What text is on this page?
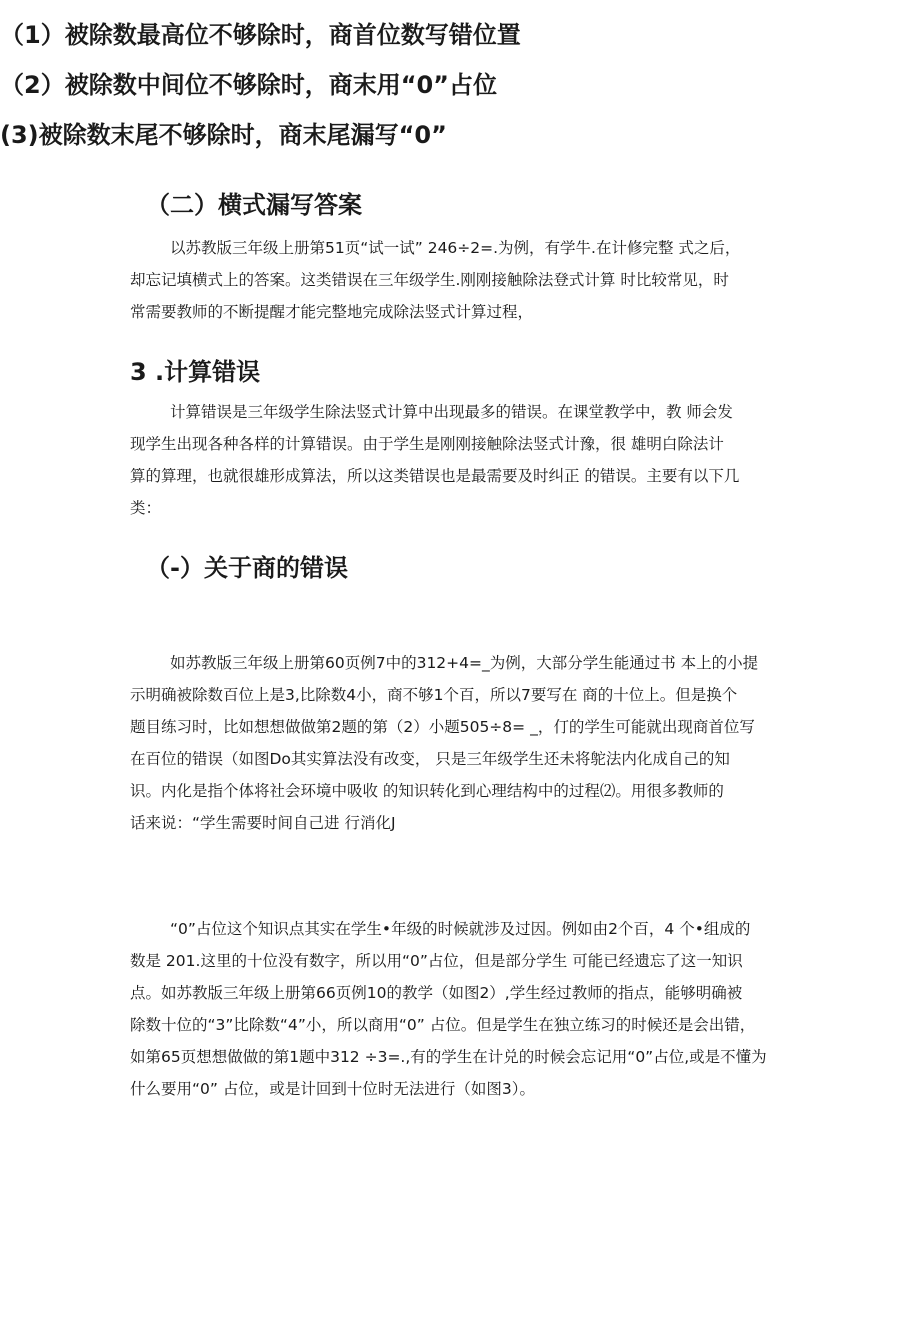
（二）横式漏写答案
以苏教版三年级上册第51页“试一试” 246÷2=.为例，有学牛.在计修完整 式之后，
却忘记填横式上的答案。这类错误在三年级学生.刚刚接触除法登式计算 时比较常见，时
常需要教师的不断提醒才能完整地完成除法竖式计算过程，
3 .计算错误
计算错误是三年级学生除法竖式计算中出现最多的错误。在课堂教学中，教 师会发
现学生出现各种各样的计算错误。由于学生是刚刚接触除法竖式计豫，很 雄明白除法计
算的算理，也就很雄形成算法，所以这类错误也是最需要及时纠正 的错误。主要有以下几
类：
（-）关于商的错误
（1）被除数最高位不够除时，商首位数写错位置
如苏教版三年级上册第60页例7中的312+4=_为例，大部分学生能通过书 本上的小提
示明确被除数百位上是3,比除数4小，商不够1个百，所以7要写在 商的十位上。但是换个
题目练习时，比如想想做做第2题的第（2）小题505÷8= _，仃的学生可能就出现商首位写
在百位的错误（如图Do其实算法没有改变， 只是三年级学生还未将鸵法内化成自己的知
识。内化是指个体将社会环境中吸收 的知识转化到心理结构中的过程⑵。用很多教师的
话来说：“学生需要时间自己进 行消化J
（2）被除数中间位不够除时，商末用“0”占位
“0”占位这个知识点其实在学生•年级的时候就涉及过因。例如由2个百，4 个•组成的
数是 201.这里的十位没有数字，所以用“0”占位，但是部分学生 可能已经遗忘了这一知识
点。如苏教版三年级上册第66页例10的教学（如图2）,学生经过教师的指点，能够明确被
除数十位的“3”比除数“4”小，所以商用“0” 占位。但是学生在独立练习的时候还是会出错，
如第65页想想做做的第1题中312 ÷3=.,有的学生在计兑的时候会忘记用“0”占位,或是不懂为
什么要用“0” 占位，或是计回到十位时无法进行（如图3）。
(3)被除数末尾不够除时，商末尾漏写“0”
